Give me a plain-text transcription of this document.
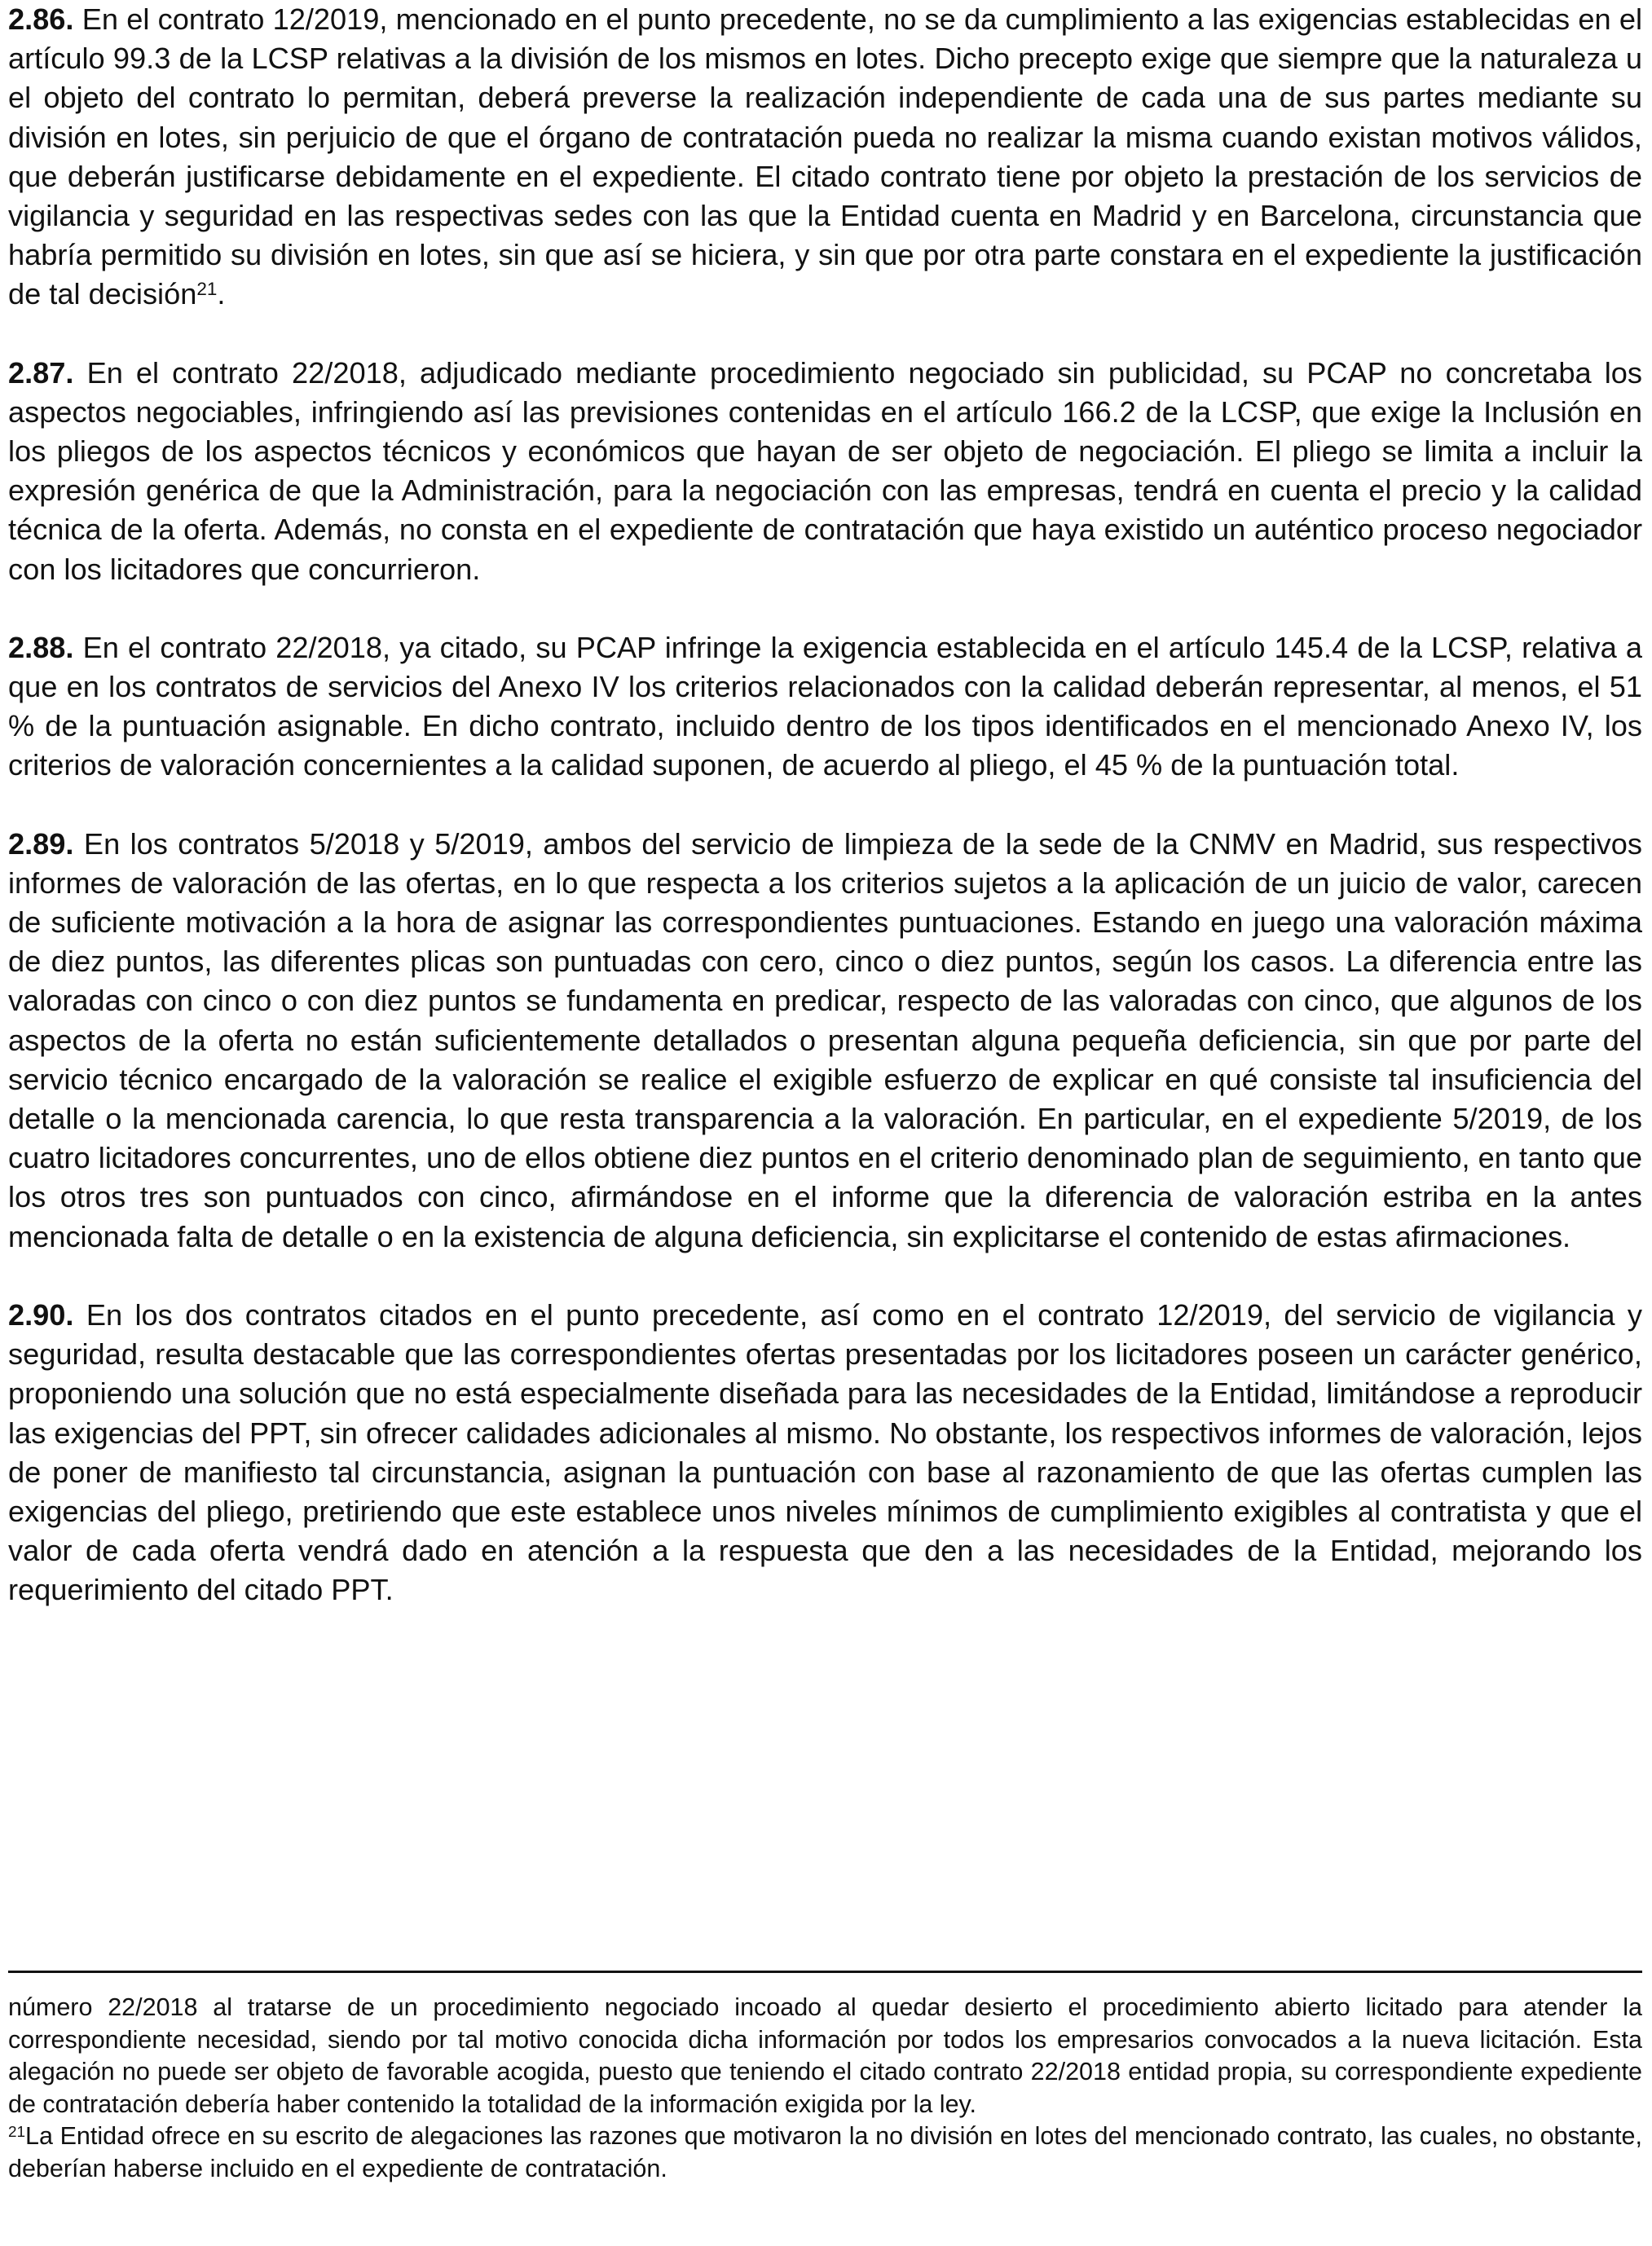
2.86. En el contrato 12/2019, mencionado en el punto precedente, no se da cumplimiento a las exigencias establecidas en el artículo 99.3 de la LCSP relativas a la división de los mismos en lotes. Dicho precepto exige que siempre que la naturaleza u el objeto del contrato lo permitan, deberá preverse la realización independiente de cada una de sus partes mediante su división en lotes, sin perjuicio de que el órgano de contratación pueda no realizar la misma cuando existan motivos válidos, que deberán justificarse debidamente en el expediente. El citado contrato tiene por objeto la prestación de los servicios de vigilancia y seguridad en las respectivas sedes con las que la Entidad cuenta en Madrid y en Barcelona, circunstancia que habría permitido su división en lotes, sin que así se hiciera, y sin que por otra parte constara en el expediente la justificación de tal decisión$^{21}$.

2.87. En el contrato 22/2018, adjudicado mediante procedimiento negociado sin publicidad, su PCAP no concretaba los aspectos negociables, infringiendo así las previsiones contenidas en el artículo 166.2 de la LCSP, que exige la Inclusión en los pliegos de los aspectos técnicos y económicos que hayan de ser objeto de negociación. El pliego se limita a incluir la expresión genérica de que la Administración, para la negociación con las empresas, tendrá en cuenta el precio y la calidad técnica de la oferta. Además, no consta en el expediente de contratación que haya existido un auténtico proceso negociador con los licitadores que concurrieron.

2.88. En el contrato 22/2018, ya citado, su PCAP infringe la exigencia establecida en el artículo 145.4 de la LCSP, relativa a que en los contratos de servicios del Anexo IV los criterios relacionados con la calidad deberán representar, al menos, el 51 % de la puntuación asignable. En dicho contrato, incluido dentro de los tipos identificados en el mencionado Anexo IV, los criterios de valoración concernientes a la calidad suponen, de acuerdo al pliego, el 45 % de la puntuación total.

2.89. En los contratos 5/2018 y 5/2019, ambos del servicio de limpieza de la sede de la CNMV en Madrid, sus respectivos informes de valoración de las ofertas, en lo que respecta a los criterios sujetos a la aplicación de un juicio de valor, carecen de suficiente motivación a la hora de asignar las correspondientes puntuaciones. Estando en juego una valoración máxima de diez puntos, las diferentes plicas son puntuadas con cero, cinco o diez puntos, según los casos. La diferencia entre las valoradas con cinco o con diez puntos se fundamenta en predicar, respecto de las valoradas con cinco, que algunos de los aspectos de la oferta no están suficientemente detallados o presentan alguna pequeña deficiencia, sin que por parte del servicio técnico encargado de la valoración se realice el exigible esfuerzo de explicar en qué consiste tal insuficiencia del detalle o la mencionada carencia, lo que resta transparencia a la valoración. En particular, en el expediente 5/2019, de los cuatro licitadores concurrentes, uno de ellos obtiene diez puntos en el criterio denominado plan de seguimiento, en tanto que los otros tres son puntuados con cinco, afirmándose en el informe que la diferencia de valoración estriba en la antes mencionada falta de detalle o en la existencia de alguna deficiencia, sin explicitarse el contenido de estas afirmaciones.

2.90. En los dos contratos citados en el punto precedente, así como en el contrato 12/2019, del servicio de vigilancia y seguridad, resulta destacable que las correspondientes ofertas presentadas por los licitadores poseen un carácter genérico, proponiendo una solución que no está especialmente diseñada para las necesidades de la Entidad, limitándose a reproducir las exigencias del PPT, sin ofrecer calidades adicionales al mismo. No obstante, los respectivos informes de valoración, lejos de poner de manifiesto tal circunstancia, asignan la puntuación con base al razonamiento de que las ofertas cumplen las exigencias del pliego, pretiriendo que este establece unos niveles mínimos de cumplimiento exigibles al contratista y que el valor de cada oferta vendrá dado en atención a la respuesta que den a las necesidades de la Entidad, mejorando los requerimiento del citado PPT.

número 22/2018 al tratarse de un procedimiento negociado incoado al quedar desierto el procedimiento abierto licitado para atender la correspondiente necesidad, siendo por tal motivo conocida dicha información por todos los empresarios convocados a la nueva licitación. Esta alegación no puede ser objeto de favorable acogida, puesto que teniendo el citado contrato 22/2018 entidad propia, su correspondiente expediente de contratación debería haber contenido la totalidad de la información exigida por la ley.

$^{21}$La Entidad ofrece en su escrito de alegaciones las razones que motivaron la no división en lotes del mencionado contrato, las cuales, no obstante, deberían haberse incluido en el expediente de contratación.
